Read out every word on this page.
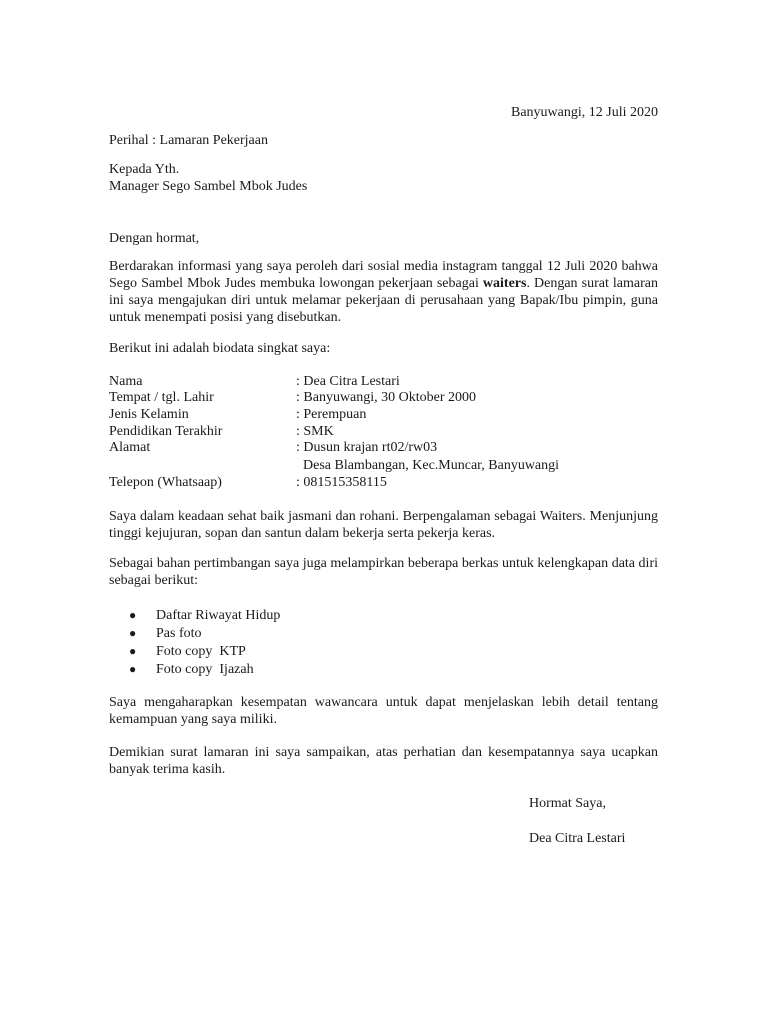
Banyuwangi, 12 Juli 2020
Perihal : Lamaran Pekerjaan
Kepada Yth.
Manager Sego Sambel Mbok Judes
Dengan hormat,
Berdarakan informasi yang saya peroleh dari sosial media instagram tanggal 12 Juli 2020 bahwa Sego Sambel Mbok Judes membuka lowongan pekerjaan sebagai waiters. Dengan surat lamaran ini saya mengajukan diri untuk melamar pekerjaan di perusahaan yang Bapak/Ibu pimpin, guna untuk menempati posisi yang disebutkan.
Berikut ini adalah biodata singkat saya:
Nama	: Dea Citra Lestari
Tempat / tgl. Lahir	: Banyuwangi, 30 Oktober 2000
Jenis Kelamin	: Perempuan
Pendidikan Terakhir	: SMK
Alamat	: Dusun krajan rt02/rw03
Desa Blambangan, Kec.Muncar, Banyuwangi
Telepon (Whatsaap)	: 081515358115
Saya dalam keadaan sehat baik jasmani dan rohani. Berpengalaman sebagai Waiters. Menjunjung tinggi kejujuran, sopan dan santun dalam bekerja serta pekerja keras.
Sebagai bahan pertimbangan saya juga melampirkan beberapa berkas untuk kelengkapan data diri sebagai berikut:
● Daftar Riwayat Hidup
● Pas foto
● Foto copy  KTP
● Foto copy  Ijazah
Saya mengaharapkan kesempatan wawancara untuk dapat menjelaskan lebih detail tentang kemampuan yang saya miliki.
Demikian surat lamaran ini saya sampaikan, atas perhatian dan kesempatannya saya ucapkan banyak terima kasih.
Hormat Saya,
Dea Citra Lestari
